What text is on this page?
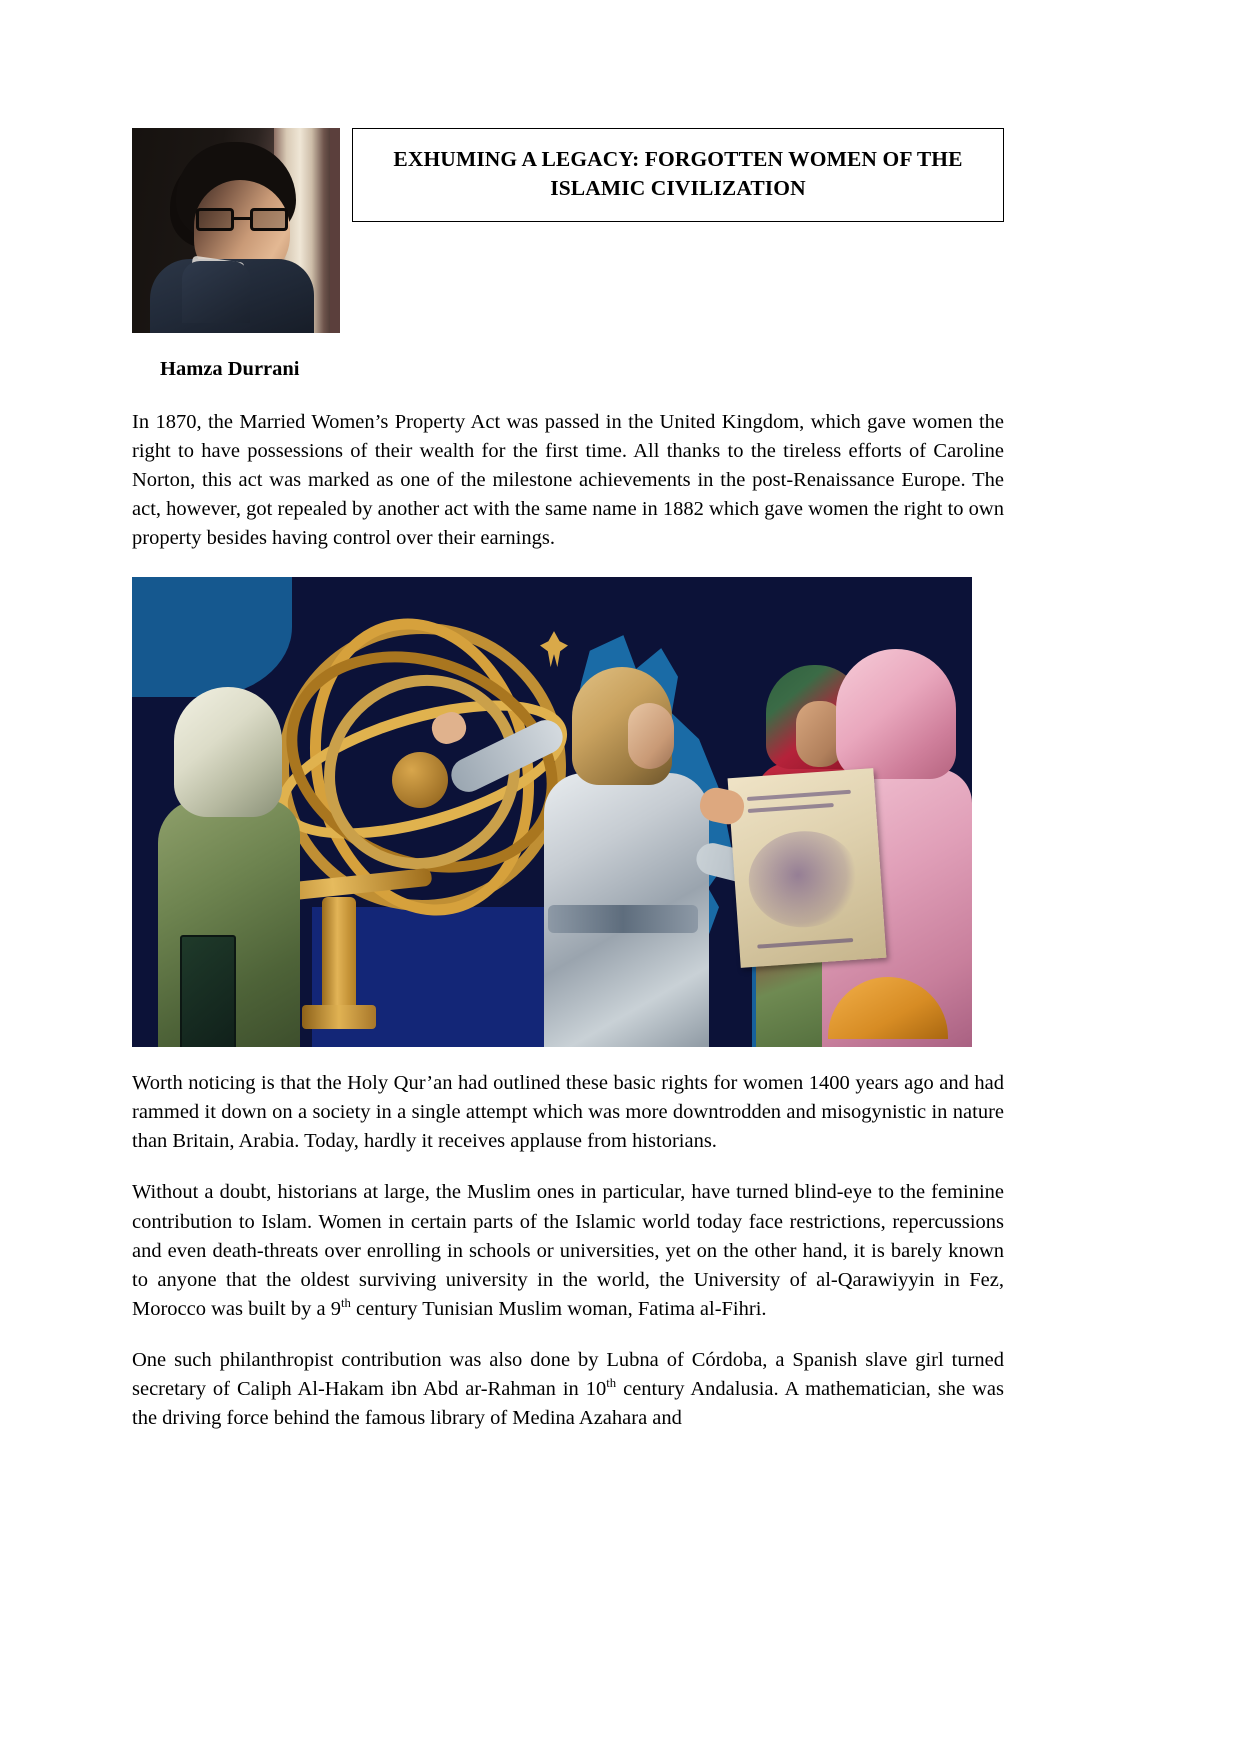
EXHUMING A LEGACY: FORGOTTEN WOMEN OF THE ISLAMIC CIVILIZATION
Hamza Durrani

In 1870, the Married Women’s Property Act was passed in the United Kingdom, which gave women the right to have possessions of their wealth for the first time. All thanks to the tireless efforts of Caroline Norton, this act was marked as one of the milestone achievements in the post-Renaissance Europe. The act, however, got repealed by another act with the same name in 1882 which gave women the right to own property besides having control over their earnings.

Worth noticing is that the Holy Qur’an had outlined these basic rights for women 1400 years ago and had rammed it down on a society in a single attempt which was more downtrodden and misogynistic in nature than Britain, Arabia. Today, hardly it receives applause from historians.

Without a doubt, historians at large, the Muslim ones in particular, have turned blind-eye to the feminine contribution to Islam. Women in certain parts of the Islamic world today face restrictions, repercussions and even death-threats over enrolling in schools or universities, yet on the other hand, it is barely known to anyone that the oldest surviving university in the world, the University of al-Qarawiyyin in Fez, Morocco was built by a 9th century Tunisian Muslim woman, Fatima al-Fihri.

One such philanthropist contribution was also done by Lubna of Córdoba, a Spanish slave girl turned secretary of Caliph Al-Hakam ibn Abd ar-Rahman in 10th century Andalusia. A mathematician, she was the driving force behind the famous library of Medina Azahara and
